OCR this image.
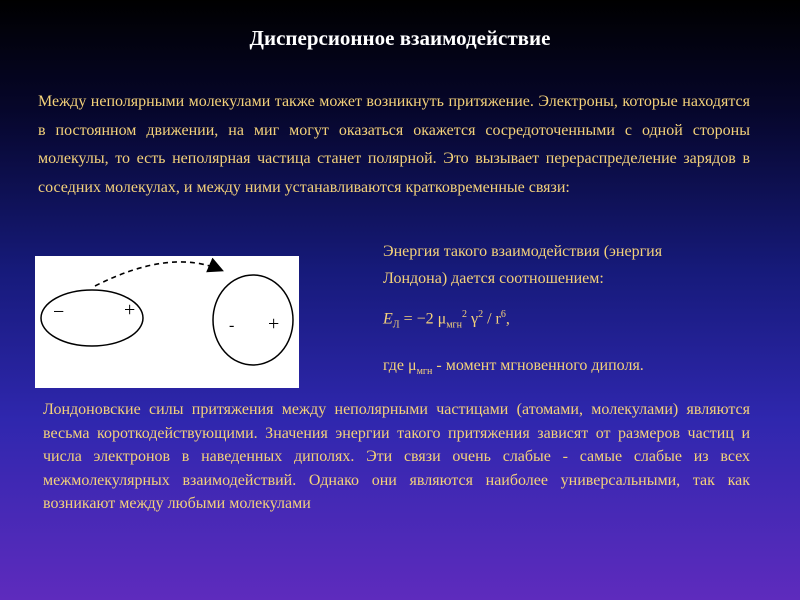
Дисперсионное взаимодействие
Между неполярными молекулами также может возникнуть притяжение. Электроны, которые находятся в постоянном движении, на миг могут оказаться окажется сосредоточенными с одной стороны молекулы, то есть неполярная частица станет полярной. Это вызывает перераспределение зарядов в соседних молекулах, и между ними устанавливаются кратковременные связи:
−	+
- +
Энергия такого взаимодействия (энергия
Лондона) дается соотношением:
$E_Л = -2$ $\mu_{мгн}^2$ $\gamma^2 / r^6$,
где $\mu_{мгн}$ - момент мгновенного диполя.
Лондоновские силы притяжения между неполярными частицами (атомами, молекулами) являются весьма короткодействующими. Значения энергии такого притяжения зависят от размеров частиц и числа электронов в наведенных диполях. Эти связи очень слабые - самые слабые из всех межмолекулярных взаимодействий. Однако они являются наиболее универсальными, так как возникают между любыми молекулами
